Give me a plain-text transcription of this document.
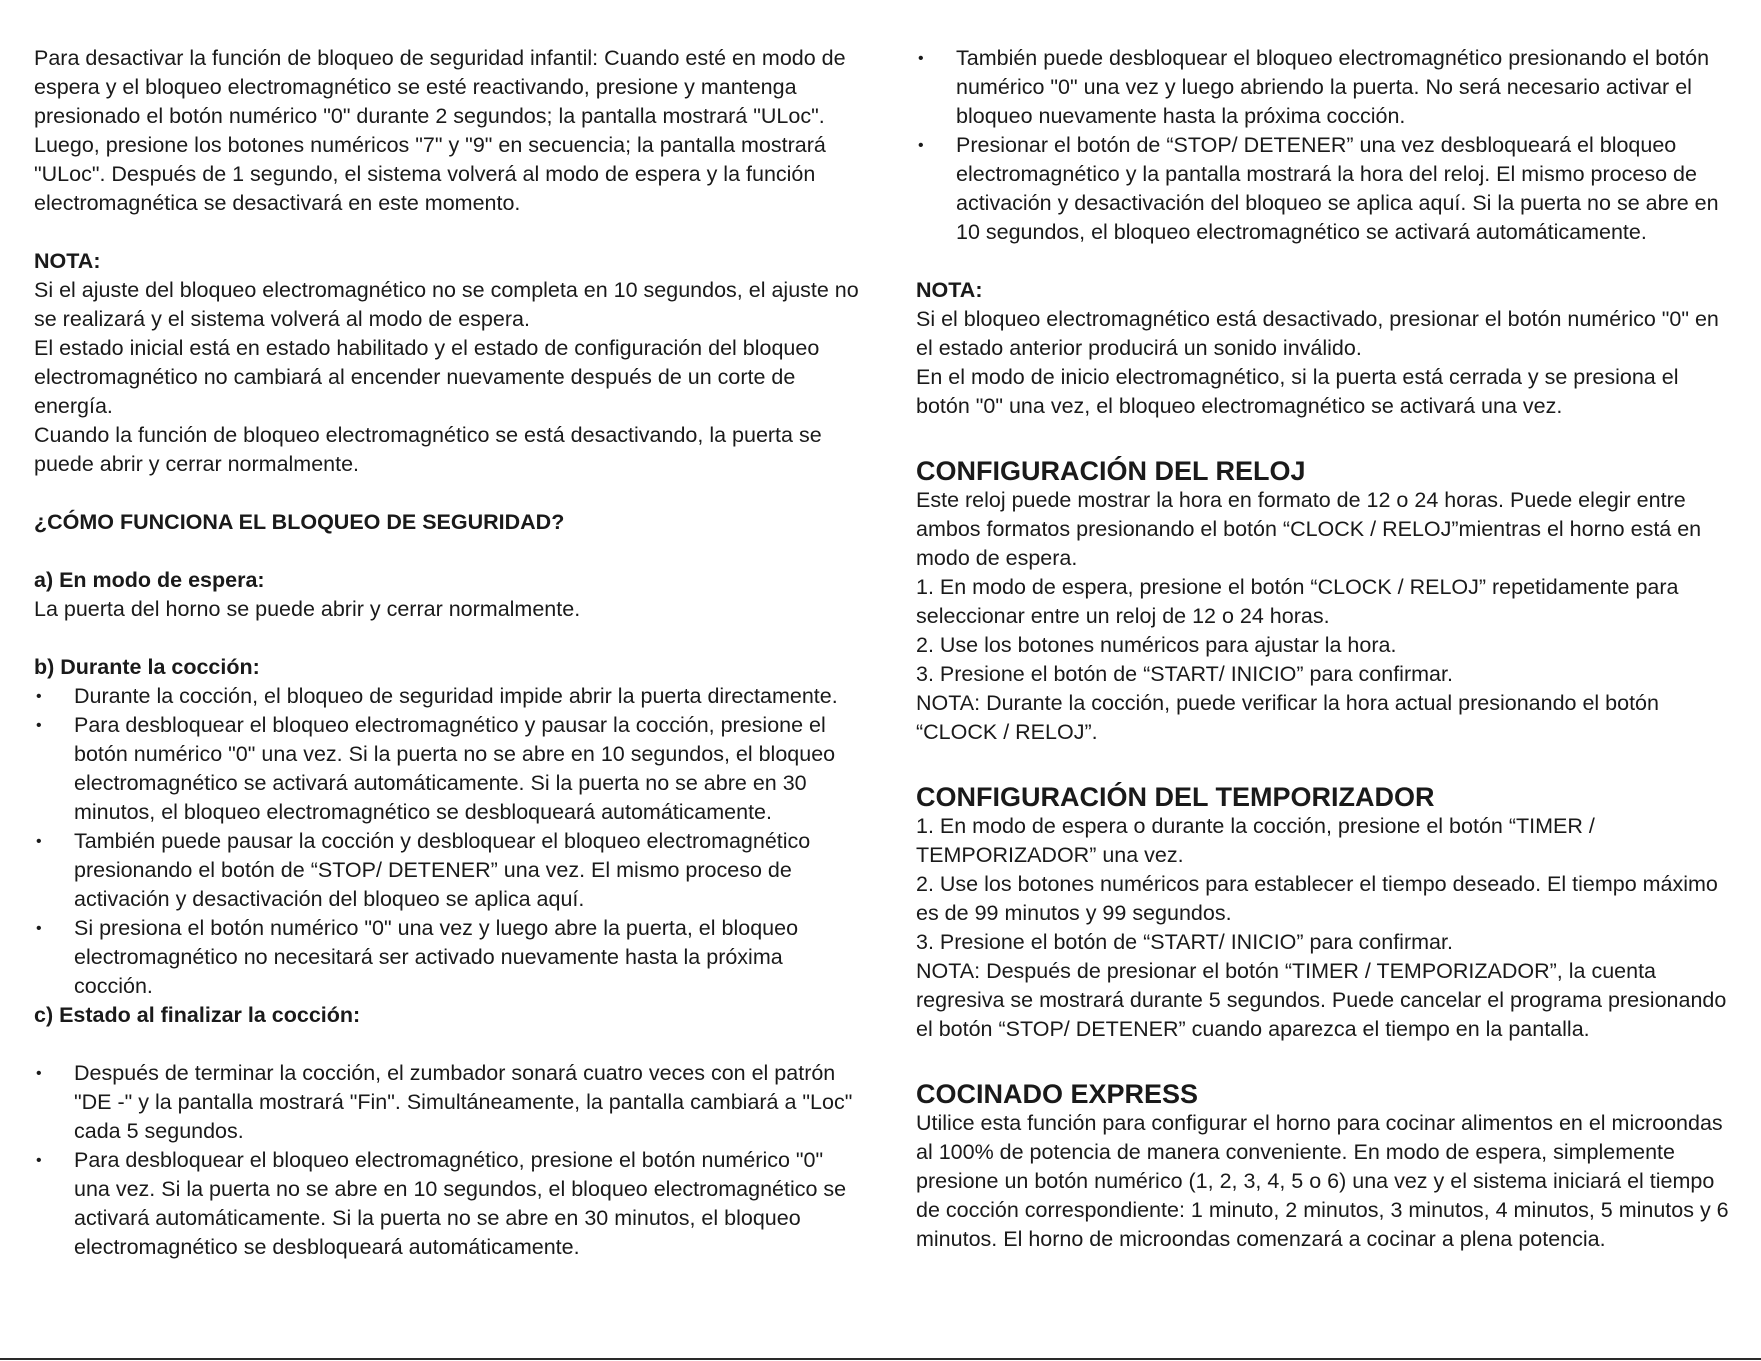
Para desactivar la función de bloqueo de seguridad infantil: Cuando esté en modo de espera y el bloqueo electromagnético se esté reactivando, presione y mantenga presionado el botón numérico "0" durante 2 segundos; la pantalla mostrará "ULoc". Luego, presione los botones numéricos "7" y "9" en secuencia; la pantalla mostrará "ULoc". Después de 1 segundo, el sistema volverá al modo de espera y la función electromagnética se desactivará en este momento.

NOTA:

Si el ajuste del bloqueo electromagnético no se completa en 10 segundos, el ajuste no se realizará y el sistema volverá al modo de espera.

El estado inicial está en estado habilitado y el estado de configuración del bloqueo electromagnético no cambiará al encender nuevamente después de un corte de energía.

Cuando la función de bloqueo electromagnético se está desactivando, la puerta se puede abrir y cerrar normalmente.

¿CÓMO FUNCIONA EL BLOQUEO DE SEGURIDAD?

a) En modo de espera:

La puerta del horno se puede abrir y cerrar normalmente.

b) Durante la cocción:

• Durante la cocción, el bloqueo de seguridad impide abrir la puerta directamente.
• Para desbloquear el bloqueo electromagnético y pausar la cocción, presione el botón numérico "0" una vez. Si la puerta no se abre en 10 segundos, el bloqueo electromagnético se activará automáticamente. Si la puerta no se abre en 30 minutos, el bloqueo electromagnético se desbloqueará automáticamente.
• También puede pausar la cocción y desbloquear el bloqueo electromagnético presionando el botón de “STOP/ DETENER” una vez. El mismo proceso de activación y desactivación del bloqueo se aplica aquí.
• Si presiona el botón numérico "0" una vez y luego abre la puerta, el bloqueo electromagnético no necesitará ser activado nuevamente hasta la próxima cocción.

c) Estado al finalizar la cocción:

• Después de terminar la cocción, el zumbador sonará cuatro veces con el patrón "DE -" y la pantalla mostrará "Fin". Simultáneamente, la pantalla cambiará a "Loc" cada 5 segundos.
• Para desbloquear el bloqueo electromagnético, presione el botón numérico "0" una vez. Si la puerta no se abre en 10 segundos, el bloqueo electromagnético se activará automáticamente. Si la puerta no se abre en 30 minutos, el bloqueo electromagnético se desbloqueará automáticamente.
• También puede desbloquear el bloqueo electromagnético presionando el botón numérico "0" una vez y luego abriendo la puerta. No será necesario activar el bloqueo nuevamente hasta la próxima cocción.
• Presionar el botón de “STOP/ DETENER” una vez desbloqueará el bloqueo electromagnético y la pantalla mostrará la hora del reloj. El mismo proceso de activación y desactivación del bloqueo se aplica aquí. Si la puerta no se abre en 10 segundos, el bloqueo electromagnético se activará automáticamente.

NOTA:

Si el bloqueo electromagnético está desactivado, presionar el botón numérico "0" en el estado anterior producirá un sonido inválido.

En el modo de inicio electromagnético, si la puerta está cerrada y se presiona el botón "0" una vez, el bloqueo electromagnético se activará una vez.

CONFIGURACIÓN DEL RELOJ

Este reloj puede mostrar la hora en formato de 12 o 24 horas. Puede elegir entre ambos formatos presionando el botón “CLOCK / RELOJ”mientras el horno está en modo de espera.

1. En modo de espera, presione el botón “CLOCK / RELOJ” repetidamente para seleccionar entre un reloj de 12 o 24 horas.

2. Use los botones numéricos para ajustar la hora.

3. Presione el botón de “START/ INICIO” para confirmar.

NOTA: Durante la cocción, puede verificar la hora actual presionando el botón “CLOCK / RELOJ”.

CONFIGURACIÓN DEL TEMPORIZADOR

1. En modo de espera o durante la cocción, presione el botón “TIMER / TEMPORIZADOR” una vez.

2. Use los botones numéricos para establecer el tiempo deseado. El tiempo máximo es de 99 minutos y 99 segundos.

3. Presione el botón de “START/ INICIO” para confirmar.

NOTA: Después de presionar el botón “TIMER / TEMPORIZADOR”, la cuenta regresiva se mostrará durante 5 segundos. Puede cancelar el programa presionando el botón “STOP/ DETENER” cuando aparezca el tiempo en la pantalla.

COCINADO EXPRESS

Utilice esta función para configurar el horno para cocinar alimentos en el microondas al 100% de potencia de manera conveniente. En modo de espera, simplemente presione un botón numérico (1, 2, 3, 4, 5 o 6) una vez y el sistema iniciará el tiempo de cocción correspondiente: 1 minuto, 2 minutos, 3 minutos, 4 minutos, 5 minutos y 6 minutos. El horno de microondas comenzará a cocinar a plena potencia.
